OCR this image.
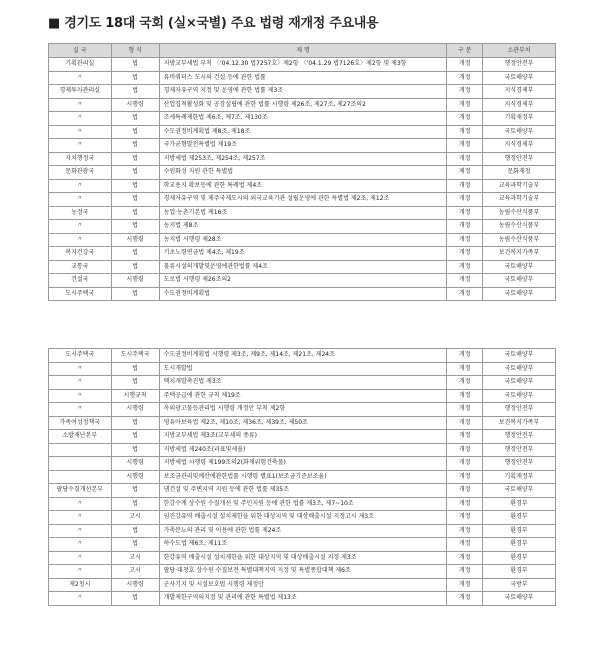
■ 경기도 18대 국회 (실×국별) 주요 법령 재개정 주요내용
실 국	형 식	제 명	구 분	소관부처
기획관리실	법	지방교부세법 부칙 〈’04.12.30 법7257호〉제2항 〈’04.1.29 법7126호〉제2항 및 제3항	개정	행정안전부
〃	법	유비쿼터스 도시의 건설 등에 관한 법률	개정	국토해양부
경제투자관리실	법	경제자유구역 지정 및 운영에 관한 법률 제3조	개정	지식경제부
〃	시행령	산업집적활성화 및 공장설립에 관한 법률 시행령 제26조, 제27조, 제27조의2	개정	지식경제부
〃	법	조세특례제한법 제6조, 제7조, 제130조	개정	기획재정부
〃	법	수도권정비계획법 제8조, 제18조	개정	국토해양부
〃	법	국가균형발전특별법 제19조	개정	지식경제부
자치행정국	법	지방세법 제253조, 제254조, 제257조	개정	행정안전부
문화관광국	법	수원화성 지원 관한 특별법	제정	문화재청
〃	법	학교용지 확보등에 관한 특례법 제4조	개정	교육과학기술부
〃	법	경제자유구역 및 제주국제도시의 외국교육기관 설립운영에 관한 특별법 제2조, 제12조	개정	교육과학기술부
농정국	법	농업·농촌기본법 제16조	개정	농림수산식품부
〃	법	농지법 제8조	개정	농림수산식품부
〃	시행령	농지법 시행령 제28조	개정	농림수산식품부
복지건강국	법	기초노령연금법 제4조, 제19조	개정	보건복지가족부
교통국	법	물류시설의개발및운영에관한법률 제4조	개정	국토해양부
건설국	시행령	도로법 시행령 제26조의2	개정	국토해양부
도시주택국	법	수도권정비계획법	개정	국토해양부
도시주택국	도시주택국	수도권정비계획법 시행령 제3조, 제9조, 제14조, 제21조, 제24조	개정	국토해양부
〃	법	도시개발법	개정	국토해양부
〃	법	택지개발촉진법 제3조	개정	국토해양부
〃	시행규칙	주택공급에 관한 규칙 제19조	개정	국토해양부
〃	시행령	옥외광고물등관리법 시행령 개정안 부칙 제2항	개정	행정안전부
가족여성정책국	법	영유아보육법 제2조, 제10조, 제36조, 제39조, 제50조	개정	보건복지가족부
소방재난본부	법	지방교부세법 제3조(교부세의 종류)	개정	행정안전부
	법	지방세법 제240조(과표및세율)	개정	행정안전부
	시행령	지방세법 시행령 제199조의2(화재위험건축물)	개정	행정안전부
	시행령	보조금관리및예산에관한법률 시행령 별표1(보조금기준보조율)	개정	기획재정부
팔당수질개선본부	법	댐건설 및 주변지역 지원 등에 관한 법률 제35조	개정	국토해양부
〃	법	한강수계 상수원 수질개선 및 주민지원 등에 관한 법률 제3조, 제7~10조	개정	환경부
〃	고시	임진강유역 배출시설 설치제한을 위한 대상지역 및 대상배출시설 지정고시 제3조	개정	환경부
〃	법	가축분뇨의 관리 및 이용에 관한 법률 제24조	개정	환경부
〃	법	하수도법 제6조, 제11조	개정	환경부
〃	고시	한강유역 배출시설 설치제한을 위한 대상지역 및 대상배출시설 지정 제3조	개정	환경부
〃	고시	팔당·대청호 상수원 수질보전 특별대책지역 지정 및 특별종합대책 제6조	개정	환경부
제2청시	시행령	군사기지 및 시설보호법 시행령 제정안	개정	국방부
〃	법	개발제한구역의지정 및 관리에 관한 특별법 제13조	개정	국토해양부
